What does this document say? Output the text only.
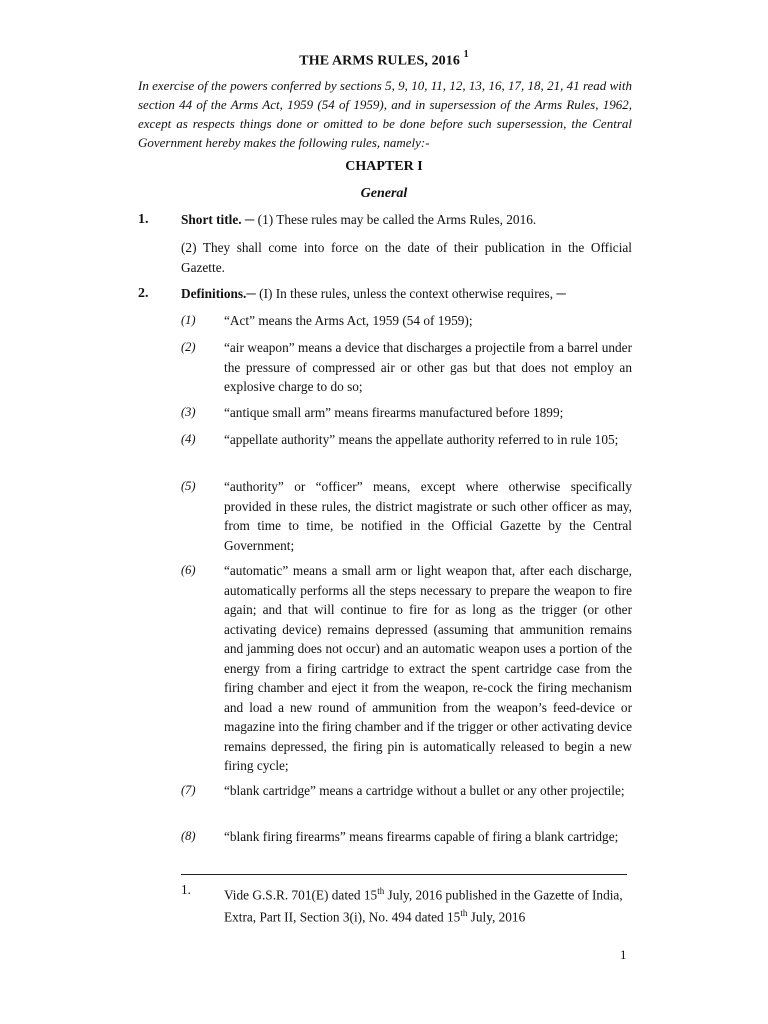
THE ARMS RULES, 2016 $^1$
In exercise of the powers conferred by sections 5, 9, 10, 11, 12, 13, 16, 17, 18, 21, 41 read with section 44 of the Arms Act, 1959 (54 of 1959), and in supersession of the Arms Rules, 1962, except as respects things done or omitted to be done before such supersession, the Central Government hereby makes the following rules, namely:-
CHAPTER I
General
1. Short title. ─ (1) These rules may be called the Arms Rules, 2016.
(2) They shall come into force on the date of their publication in the Official Gazette.
2. Definitions.─ (I) In these rules, unless the context otherwise requires, ─
(1) “Act” means the Arms Act, 1959 (54 of 1959);
(2) “air weapon” means a device that discharges a projectile from a barrel under the pressure of compressed air or other gas but that does not employ an explosive charge to do so;
(3) “antique small arm” means firearms manufactured before 1899;
(4) “appellate authority” means the appellate authority referred to in rule 105;
(5) “authority” or “officer” means, except where otherwise specifically provided in these rules, the district magistrate or such other officer as may, from time to time, be notified in the Official Gazette by the Central Government;
(6) “automatic” means a small arm or light weapon that, after each discharge, automatically performs all the steps necessary to prepare the weapon to fire again; and that will continue to fire for as long as the trigger (or other activating device) remains depressed (assuming that ammunition remains and jamming does not occur) and an automatic weapon uses a portion of the energy from a firing cartridge to extract the spent cartridge case from the firing chamber and eject it from the weapon, re-cock the firing mechanism and load a new round of ammunition from the weapon’s feed-device or magazine into the firing chamber and if the trigger or other activating device remains depressed, the firing pin is automatically released to begin a new firing cycle;
(7) “blank cartridge” means a cartridge without a bullet or any other projectile;
(8) “blank firing firearms” means firearms capable of firing a blank cartridge;
1. Vide G.S.R. 701(E) dated 15th July, 2016 published in the Gazette of India, Extra, Part II, Section 3(i), No. 494 dated 15th July, 2016
1
